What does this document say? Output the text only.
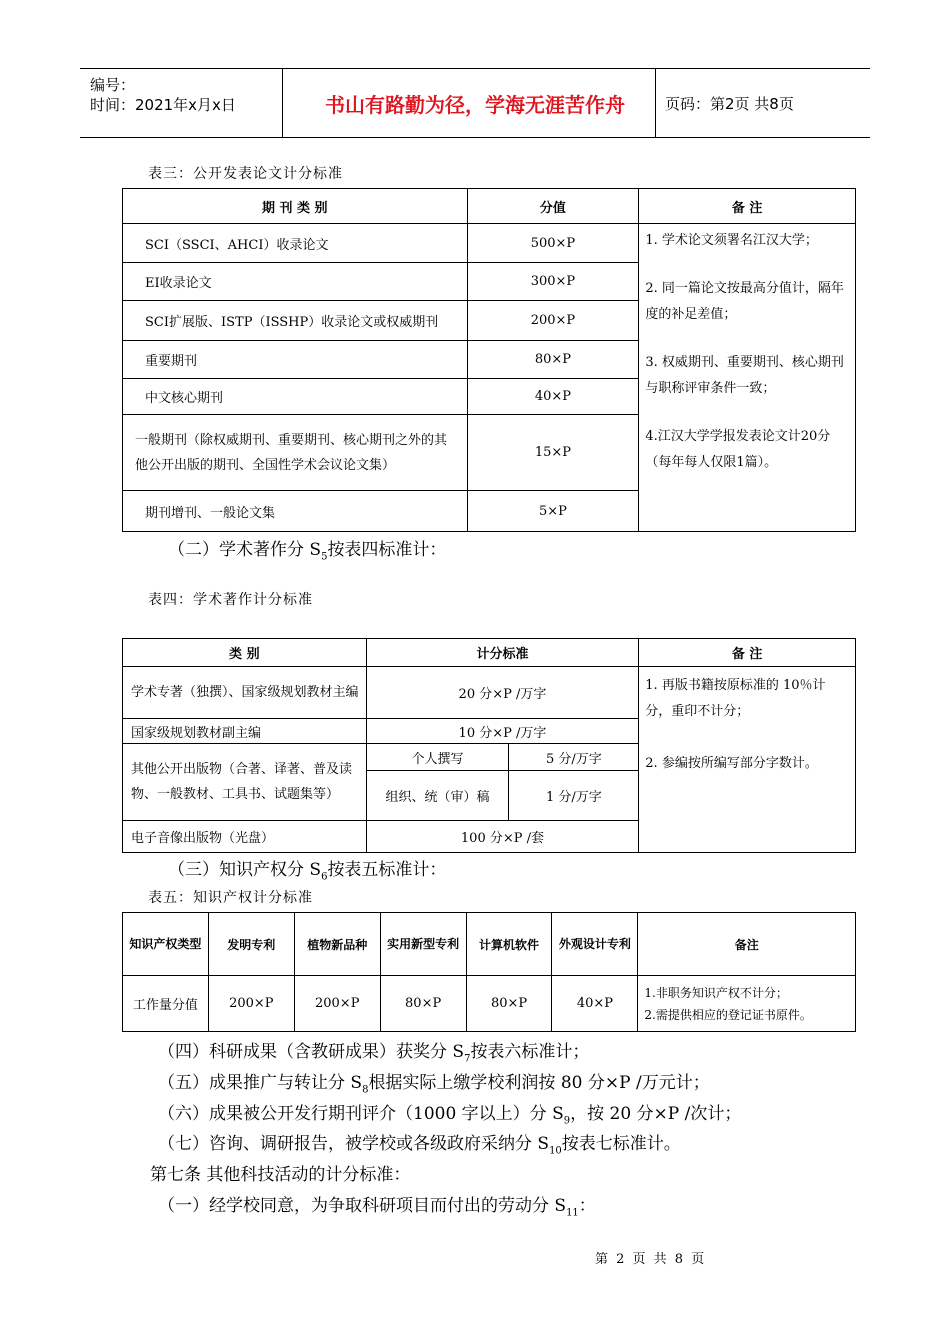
编号：
时间：2021年x月x日	书山有路勤为径，学海无涯苦作舟	页码：第2页 共8页
表三：公开发表论文计分标准
期 刊 类 别	分值	备 注
SCI（SSCI、AHCI）收录论文	500×P	1. 学术论文须署名江汉大学；
2. 同一篇论文按最高分值计，隔年度的补足差值；
3. 权威期刊、重要期刊、核心期刊与职称评审条件一致；
4.江汉大学学报发表论文计20分（每年每人仅限1篇）。

EI收录论文	300×P	
SCI扩展版、ISTP（ISSHP）收录论文或权威期刊	200×P	
重要期刊	80×P	
中文核心期刊	40×P	
一般期刊（除权威期刊、重要期刊、核心期刊之外的其他公开出版的期刊、全国性学术会议论文集）	15×P	
期刊增刊、一般论文集	5×P	
（二）学术著作分 $S_5$按表四标准计：
表四：学术著作计分标准
类 别	计分标准		备 注
学术专著（独撰）、国家级规划教材主编	20 分×P /万字		1. 再版书籍按原标准的 10％计分，重印不计分；
2. 参编按所编写部分字数计。

国家级规划教材副主编	10 分×P /万字		
其他公开出版物（合著、译著、普及读物、一般教材、工具书、试题集等）	个人撰写	5 分/万字	
	组织、统（审）稿	1 分/万字	
电子音像出版物（光盘）	100 分×P /套		
（三）知识产权分 $S_6$按表五标准计：
表五：知识产权计分标准
知识产权类型	发明专利	植物新品种	实用新型专利	计算机软件	外观设计专利	备注
工作量分值	200×P	200×P	80×P	80×P	40×P	1.非职务知识产权不计分；
2.需提供相应的登记证书原件。
（四）科研成果（含教研成果）获奖分 $S_7$按表六标准计；
（五）成果推广与转让分 $S_8$根据实际上缴学校利润按 80 分×P /万元计；
（六）成果被公开发行期刊评介（1000 字以上）分 $S_9$，按 20 分×P /次计；
（七）咨询、调研报告，被学校或各级政府采纳分 $S_{10}$按表七标准计。
第七条 其他科技活动的计分标准：
（一）经学校同意，为争取科研项目而付出的劳动分 $S_{11}$：
第 2 页 共 8 页
